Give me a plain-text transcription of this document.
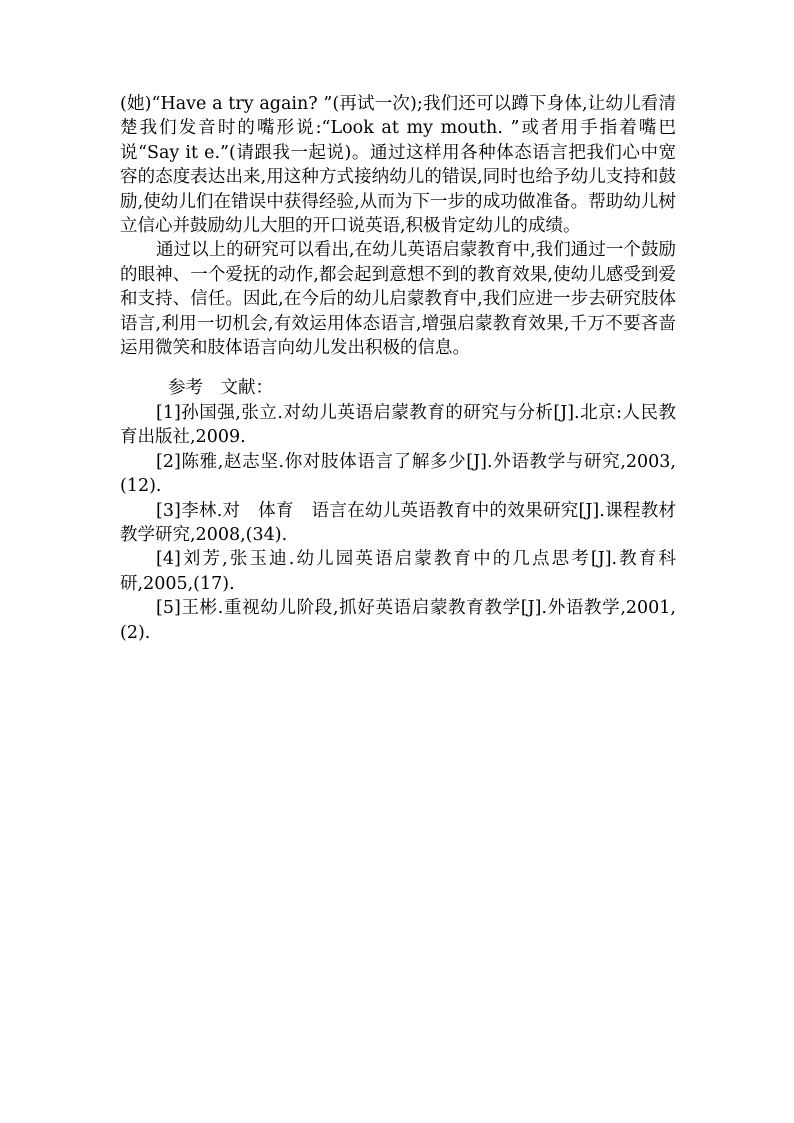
(她)“Have a try again? ”(再试一次);我们还可以蹲下身体,让幼儿看清楚我们发音时的嘴形说:“Look at my mouth. ”或者用手指着嘴巴说“Say it e.”(请跟我一起说)。通过这样用各种体态语言把我们心中宽容的态度表达出来,用这种方式接纳幼儿的错误,同时也给予幼儿支持和鼓励,使幼儿们在错误中获得经验,从而为下一步的成功做准备。帮助幼儿树立信心并鼓励幼儿大胆的开口说英语,积极肯定幼儿的成绩。

通过以上的研究可以看出,在幼儿英语启蒙教育中,我们通过一个鼓励的眼神、一个爱抚的动作,都会起到意想不到的教育效果,使幼儿感受到爱和支持、信任。因此,在今后的幼儿启蒙教育中,我们应进一步去研究肢体语言,利用一切机会,有效运用体态语言,增强启蒙教育效果,千万不要吝啬运用微笑和肢体语言向幼儿发出积极的信息。

参考　文献：

[1]孙国强,张立.对幼儿英语启蒙教育的研究与分析[J].北京:人民教育出版社,2009.

[2]陈雅,赵志坚.你对肢体语言了解多少[J].外语教学与研究,2003,(12).

[3]李林.对　体育　语言在幼儿英语教育中的效果研究[J].课程教材教学研究,2008,(34).

[4]刘芳,张玉迪.幼儿园英语启蒙教育中的几点思考[J].教育科研,2005,(17).

[5]王彬.重视幼儿阶段,抓好英语启蒙教育教学[J].外语教学,2001,(2).
